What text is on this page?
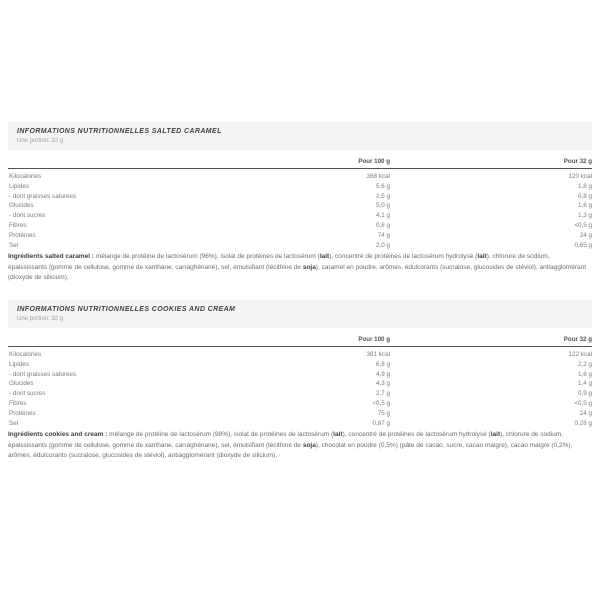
INFORMATIONS NUTRITIONNELLES SALTED CARAMEL
Une portion: 32 g
Pour 100 g	Pour 32 g
Kilocalories	368 kcal	120 kcal
Lipides	5,6 g	1,8 g
- dont graisses saturées	2,5 g	0,8 g
Glucides	5,0 g	1,6 g
- dont sucres	4,1 g	1,3 g
Fibres	0,8 g	<0,5 g
Protéines	74 g	24 g
Sel	2,0 g	0,65 g
Ingrédients salted caramel : mélange de protéine de lactosérum (96%), isolat de protéines de lactosérum (lait), concentré de protéines de lactosérum hydrolysé (lait), chlorure de sodium,
épaississants (gomme de cellulose, gomme de xanthane, carraghénane), sel, émulsifiant (lécithine de soja), caramel en poudre, arômes, édulcorants (sucralose, glucosides de stéviol), antiagglomérant (dioxyde de silicium).
INFORMATIONS NUTRITIONNELLES COOKIES AND CREAM
Une portion: 32 g
Pour 100 g	Pour 32 g
Kilocalories	381 kcal	122 kcal
Lipides	6,8 g	2,2 g
- dont graisses saturées	4,9 g	1,6 g
Glucides	4,3 g	1,4 g
- dont sucres	2,7 g	0,9 g
Fibres	<0,5 g	<0,5 g
Protéines	75 g	24 g
Sel	0,87 g	0,28 g
Ingrédients cookies and cream : mélange de protéine de lactosérum (98%), isolat de protéines de lactosérum (lait), concentré de protéines de lactosérum hydrolysé (lait), chlorure de sodium,
épaississants (gomme de cellulose, gomme de xanthane, carraghénane), sel, émulsifiant (lécithine de soja), chocolat en poudre (0,5%) (pâte de cacao, sucre, cacao maigre), cacao maigre (0,2%), arômes, édulcorants (sucralose, glucosides de stéviol), antiagglomérant (dioxyde de silicium).
